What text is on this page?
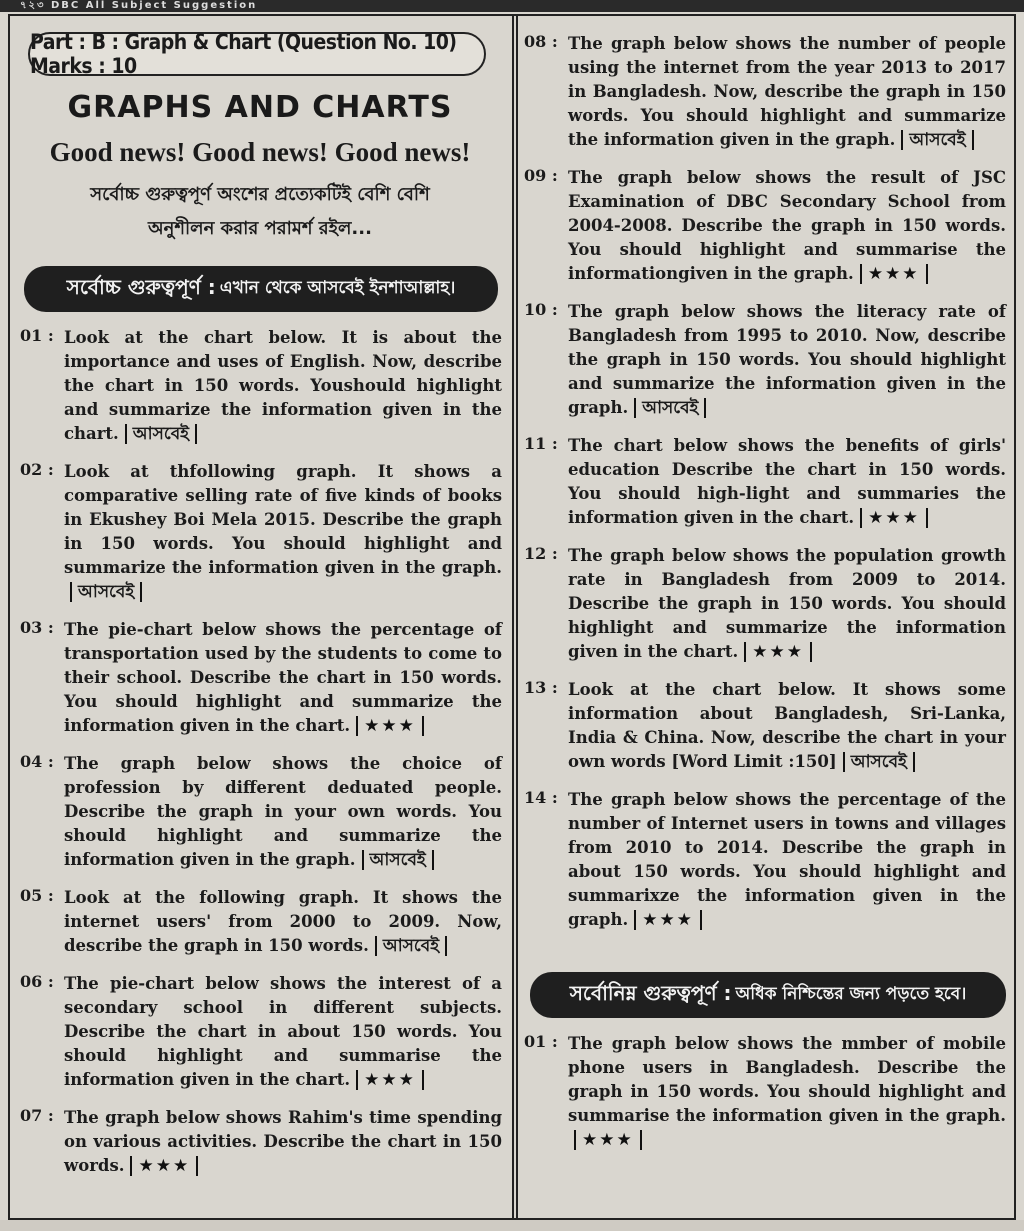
৭২৩ DBC All Subject Suggestion
Part : B : Graph & Chart (Question No. 10) Marks : 10
GRAPHS AND CHARTS
Good news! Good news! Good news!
সর্বোচ্চ গুরুত্বপূর্ণ অংশের প্রত্যেকটিই বেশি বেশি
অনুশীলন করার পরামর্শ রইল...
সর্বোচ্চ গুরুত্বপূর্ণ : এখান থেকে আসবেই ইনশাআল্লাহ।
01 : Look at the chart below. It is about the importance and uses of English. Now, describe the chart in 150 words. Youshould highlight and summarize the information given in the chart. আসবেই
02 : Look at thfollowing graph. It shows a comparative selling rate of five kinds of books in Ekushey Boi Mela 2015. Describe the graph in 150 words. You should highlight and summarize the information given in the graph.আসবেই
03 : The pie-chart below shows the percentage of transportation used by the students to come to their school. Describe the chart in 150 words. You should highlight and summarize the information given in the chart. ★★★
04 : The graph below shows the choice of profession by different deduated people. Describe the graph in your own words. You should highlight and summarize the information given in the graph. আসবেই
05 : Look at the following graph. It shows the internet users' from 2000 to 2009. Now, describe the graph in 150 words. আসবেই
06 : The pie-chart below shows the interest of a secondary school in different subjects. Describe the chart in about 150 words. You should highlight and summarise the information given in the chart. ★★★
07 : The graph below shows Rahim's time spending on various activities. Describe the chart in 150 words. ★★★
08 : The graph below shows the number of people using the internet from the year 2013 to 2017 in Bangladesh. Now, describe the graph in 150 words. You should highlight and summarize the information given in the graph. আসবেই
09 : The graph below shows the result of JSC Examination of DBC Secondary School from 2004-2008. Describe the graph in 150 words. You should highlight and summarise the informationgiven in the graph. ★★★
10 : The graph below shows the literacy rate of Bangladesh from 1995 to 2010. Now, describe the graph in 150 words. You should highlight and summarize the information given in the graph. আসবেই
11 : The chart below shows the benefits of girls' education Describe the chart in 150 words. You should high-light and summaries the information given in the chart. ★★★
12 : The graph below shows the population growth rate in Bangladesh from 2009 to 2014. Describe the graph in 150 words. You should highlight and summarize the information given in the chart. ★★★
13 : Look at the chart below. It shows some information about Bangladesh, Sri-Lanka, India & China. Now, describe the chart in your own words [Word Limit :150] আসবেই
14 : The graph below shows the percentage of the number of Internet users in towns and villages from 2010 to 2014. Describe the graph in about 150 words. You should highlight and summarixze the information given in the graph. ★★★
সর্বোনিম্ন গুরুত্বপূর্ণ : অধিক নিশ্চিন্তের জন্য পড়তে হবে।
01 : The graph below shows the mmber of mobile phone users in Bangladesh. Describe the graph in 150 words. You should highlight and summarise the information given in the graph.★★★
